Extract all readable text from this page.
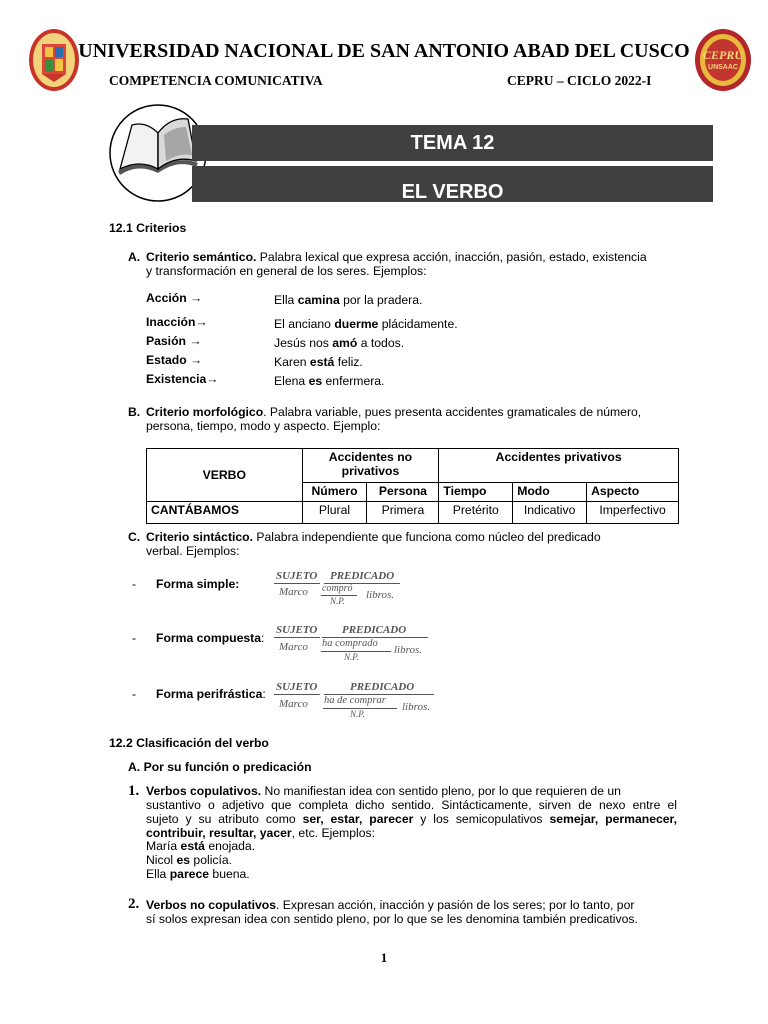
CEPRU
UNSAAC
UNIVERSIDAD NACIONAL DE SAN ANTONIO ABAD DEL CUSCO
COMPETENCIA COMUNICATIVA	CEPRU – CICLO 2022-I
TEMA 12
EL VERBO
12.1 Criterios
A. Criterio semántico. Palabra lexical que expresa acción, inacción, pasión, estado, existencia
y transformación en general de los seres. Ejemplos:
Acción →	Ella camina por la pradera.
Inacción→	El anciano duerme plácidamente.
Pasión →	Jesús nos amó a todos.
Estado →	Karen está feliz.
Existencia→	Elena es enfermera.
B. Criterio morfológico. Palabra variable, pues presenta accidentes gramaticales de número,
persona, tiempo, modo y aspecto. Ejemplo:
VERBO	Accidentes no privativos		Accidentes privativos		
	Número	Persona	Tiempo	Modo	Aspecto
CANTÁBAMOS	Plural	Primera	Pretérito	Indicativo	Imperfectivo
C. Criterio sintáctico. Palabra independiente que funciona como núcleo del predicado
verbal. Ejemplos:
- Forma simple:
SUJETO PREDICADO
Marco compró
N.P. libros.
- Forma compuesta:
SUJETO PREDICADO
Marco ha comprado
N.P.
libros.
- Forma perifrástica: SUJETO	PREDICADO
Marco ha de comprar
N.P.
libros.
12.2 Clasificación del verbo
A. Por su función o predicación
1. Verbos copulativos. No manifiestan idea con sentido pleno, por lo que requieren de un
sustantivo o adjetivo que completa dicho sentido. Sintácticamente, sirven de nexo entre el
sujeto y su atributo como ser, estar, parecer y los semicopulativos semejar, permanecer,
contribuir, resultar, yacer, etc. Ejemplos:
María está enojada.
Nicol es policía.
Ella parece buena.
2. Verbos no copulativos. Expresan acción, inacción y pasión de los seres; por lo tanto, por
sí solos expresan idea con sentido pleno, por lo que se les denomina también predicativos.
1
